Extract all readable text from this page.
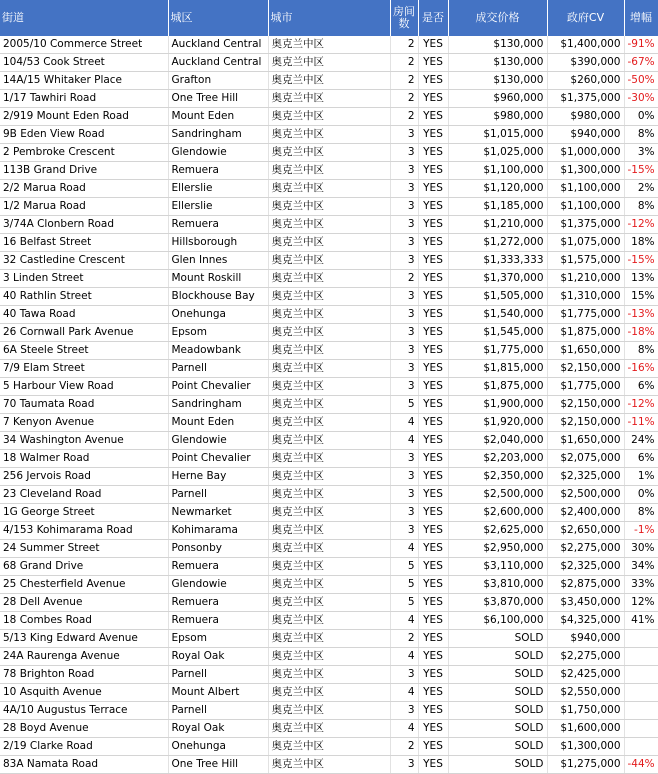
街道	城区	城市	房间数	是否	成交价格	政府CV	增幅
2005/10 Commerce Street	Auckland Central	奥克兰中区	2	YES	$130,000	$1,400,000	-91%
104/53 Cook Street	Auckland Central	奥克兰中区	2	YES	$130,000	$390,000	-67%
14A/15 Whitaker Place	Grafton	奥克兰中区	2	YES	$130,000	$260,000	-50%
1/17 Tawhiri Road	One Tree Hill	奥克兰中区	2	YES	$960,000	$1,375,000	-30%
2/919 Mount Eden Road	Mount Eden	奥克兰中区	2	YES	$980,000	$980,000	0%
9B Eden View Road	Sandringham	奥克兰中区	3	YES	$1,015,000	$940,000	8%
2 Pembroke Crescent	Glendowie	奥克兰中区	3	YES	$1,025,000	$1,000,000	3%
113B Grand Drive	Remuera	奥克兰中区	3	YES	$1,100,000	$1,300,000	-15%
2/2 Marua Road	Ellerslie	奥克兰中区	3	YES	$1,120,000	$1,100,000	2%
1/2 Marua Road	Ellerslie	奥克兰中区	3	YES	$1,185,000	$1,100,000	8%
3/74A Clonbern Road	Remuera	奥克兰中区	3	YES	$1,210,000	$1,375,000	-12%
16 Belfast Street	Hillsborough	奥克兰中区	3	YES	$1,272,000	$1,075,000	18%
32 Castledine Crescent	Glen Innes	奥克兰中区	3	YES	$1,333,333	$1,575,000	-15%
3 Linden Street	Mount Roskill	奥克兰中区	2	YES	$1,370,000	$1,210,000	13%
40 Rathlin Street	Blockhouse Bay	奥克兰中区	3	YES	$1,505,000	$1,310,000	15%
40 Tawa Road	Onehunga	奥克兰中区	3	YES	$1,540,000	$1,775,000	-13%
26 Cornwall Park Avenue	Epsom	奥克兰中区	3	YES	$1,545,000	$1,875,000	-18%
6A Steele Street	Meadowbank	奥克兰中区	3	YES	$1,775,000	$1,650,000	8%
7/9 Elam Street	Parnell	奥克兰中区	3	YES	$1,815,000	$2,150,000	-16%
5 Harbour View Road	Point Chevalier	奥克兰中区	3	YES	$1,875,000	$1,775,000	6%
70 Taumata Road	Sandringham	奥克兰中区	5	YES	$1,900,000	$2,150,000	-12%
7 Kenyon Avenue	Mount Eden	奥克兰中区	4	YES	$1,920,000	$2,150,000	-11%
34 Washington Avenue	Glendowie	奥克兰中区	4	YES	$2,040,000	$1,650,000	24%
18 Walmer Road	Point Chevalier	奥克兰中区	3	YES	$2,203,000	$2,075,000	6%
256 Jervois Road	Herne Bay	奥克兰中区	3	YES	$2,350,000	$2,325,000	1%
23 Cleveland Road	Parnell	奥克兰中区	3	YES	$2,500,000	$2,500,000	0%
1G George Street	Newmarket	奥克兰中区	3	YES	$2,600,000	$2,400,000	8%
4/153 Kohimarama Road	Kohimarama	奥克兰中区	3	YES	$2,625,000	$2,650,000	-1%
24 Summer Street	Ponsonby	奥克兰中区	4	YES	$2,950,000	$2,275,000	30%
68 Grand Drive	Remuera	奥克兰中区	5	YES	$3,110,000	$2,325,000	34%
25 Chesterfield Avenue	Glendowie	奥克兰中区	5	YES	$3,810,000	$2,875,000	33%
28 Dell Avenue	Remuera	奥克兰中区	5	YES	$3,870,000	$3,450,000	12%
18 Combes Road	Remuera	奥克兰中区	4	YES	$6,100,000	$4,325,000	41%
5/13 King Edward Avenue	Epsom	奥克兰中区	2	YES	SOLD	$940,000	
24A Raurenga Avenue	Royal Oak	奥克兰中区	4	YES	SOLD	$2,275,000	
78 Brighton Road	Parnell	奥克兰中区	3	YES	SOLD	$2,425,000	
10 Asquith Avenue	Mount Albert	奥克兰中区	4	YES	SOLD	$2,550,000	
4A/10 Augustus Terrace	Parnell	奥克兰中区	3	YES	SOLD	$1,750,000	
28 Boyd Avenue	Royal Oak	奥克兰中区	4	YES	SOLD	$1,600,000	
2/19 Clarke Road	Onehunga	奥克兰中区	2	YES	SOLD	$1,300,000	
83A Namata Road	One Tree Hill	奥克兰中区	3	YES	SOLD	$1,275,000	-44%
